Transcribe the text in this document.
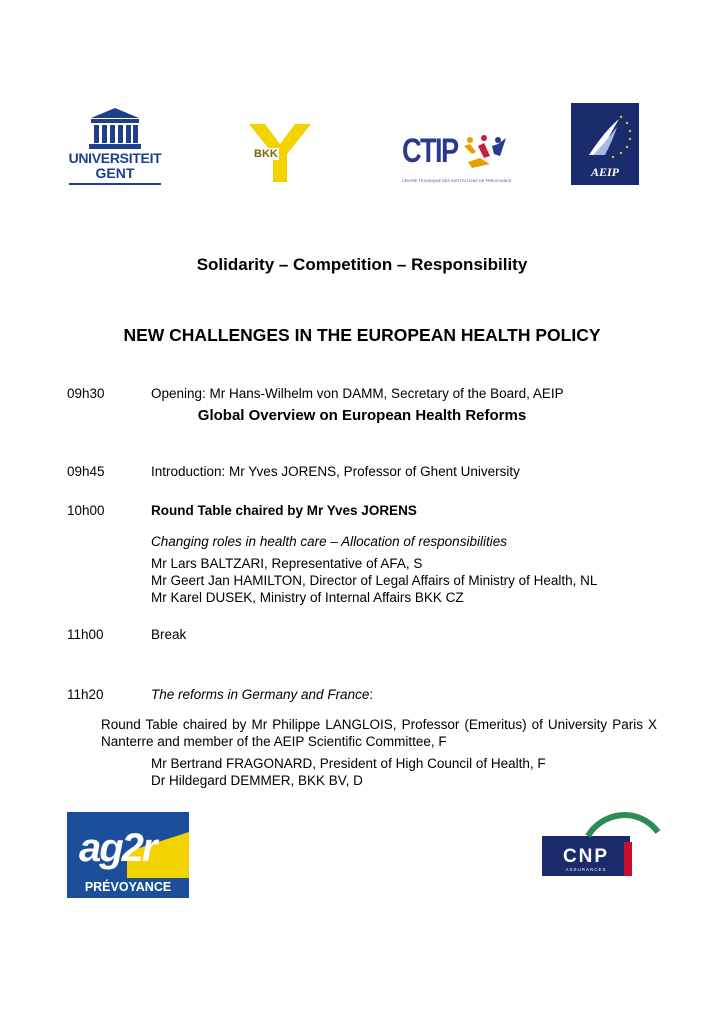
UNIVERSITEIT
GENT
BKK	CTIP
CENTRE TECHNIQUE DES INSTITUTIONS DE PRÉVOYANCE
AEIP
Solidarity – Competition – Responsibility
NEW CHALLENGES IN THE EUROPEAN HEALTH POLICY
09h30	Opening: Mr Hans-Wilhelm von DAMM, Secretary of the Board, AEIP
Global Overview on European Health Reforms
09h45	Introduction: Mr Yves JORENS, Professor of Ghent University
10h00	Round Table chaired by Mr Yves JORENS
Changing roles in health care – Allocation of responsibilities
Mr Lars BALTZARI, Representative of AFA, S
Mr Geert Jan HAMILTON, Director of Legal Affairs of Ministry of Health, NL
Mr Karel DUSEK, Ministry of Internal Affairs BKK CZ
11h00	Break
11h20	The reforms in Germany and France:
Round Table chaired by Mr Philippe LANGLOIS, Professor (Emeritus) of University Paris X Nanterre and member of the AEIP Scientific Committee, F
Mr Bertrand FRAGONARD, President of High Council of Health, F
Dr Hildegard DEMMER, BKK BV, D
ag2r
PRÉVOYANCE
CNP
ASSURANCES
